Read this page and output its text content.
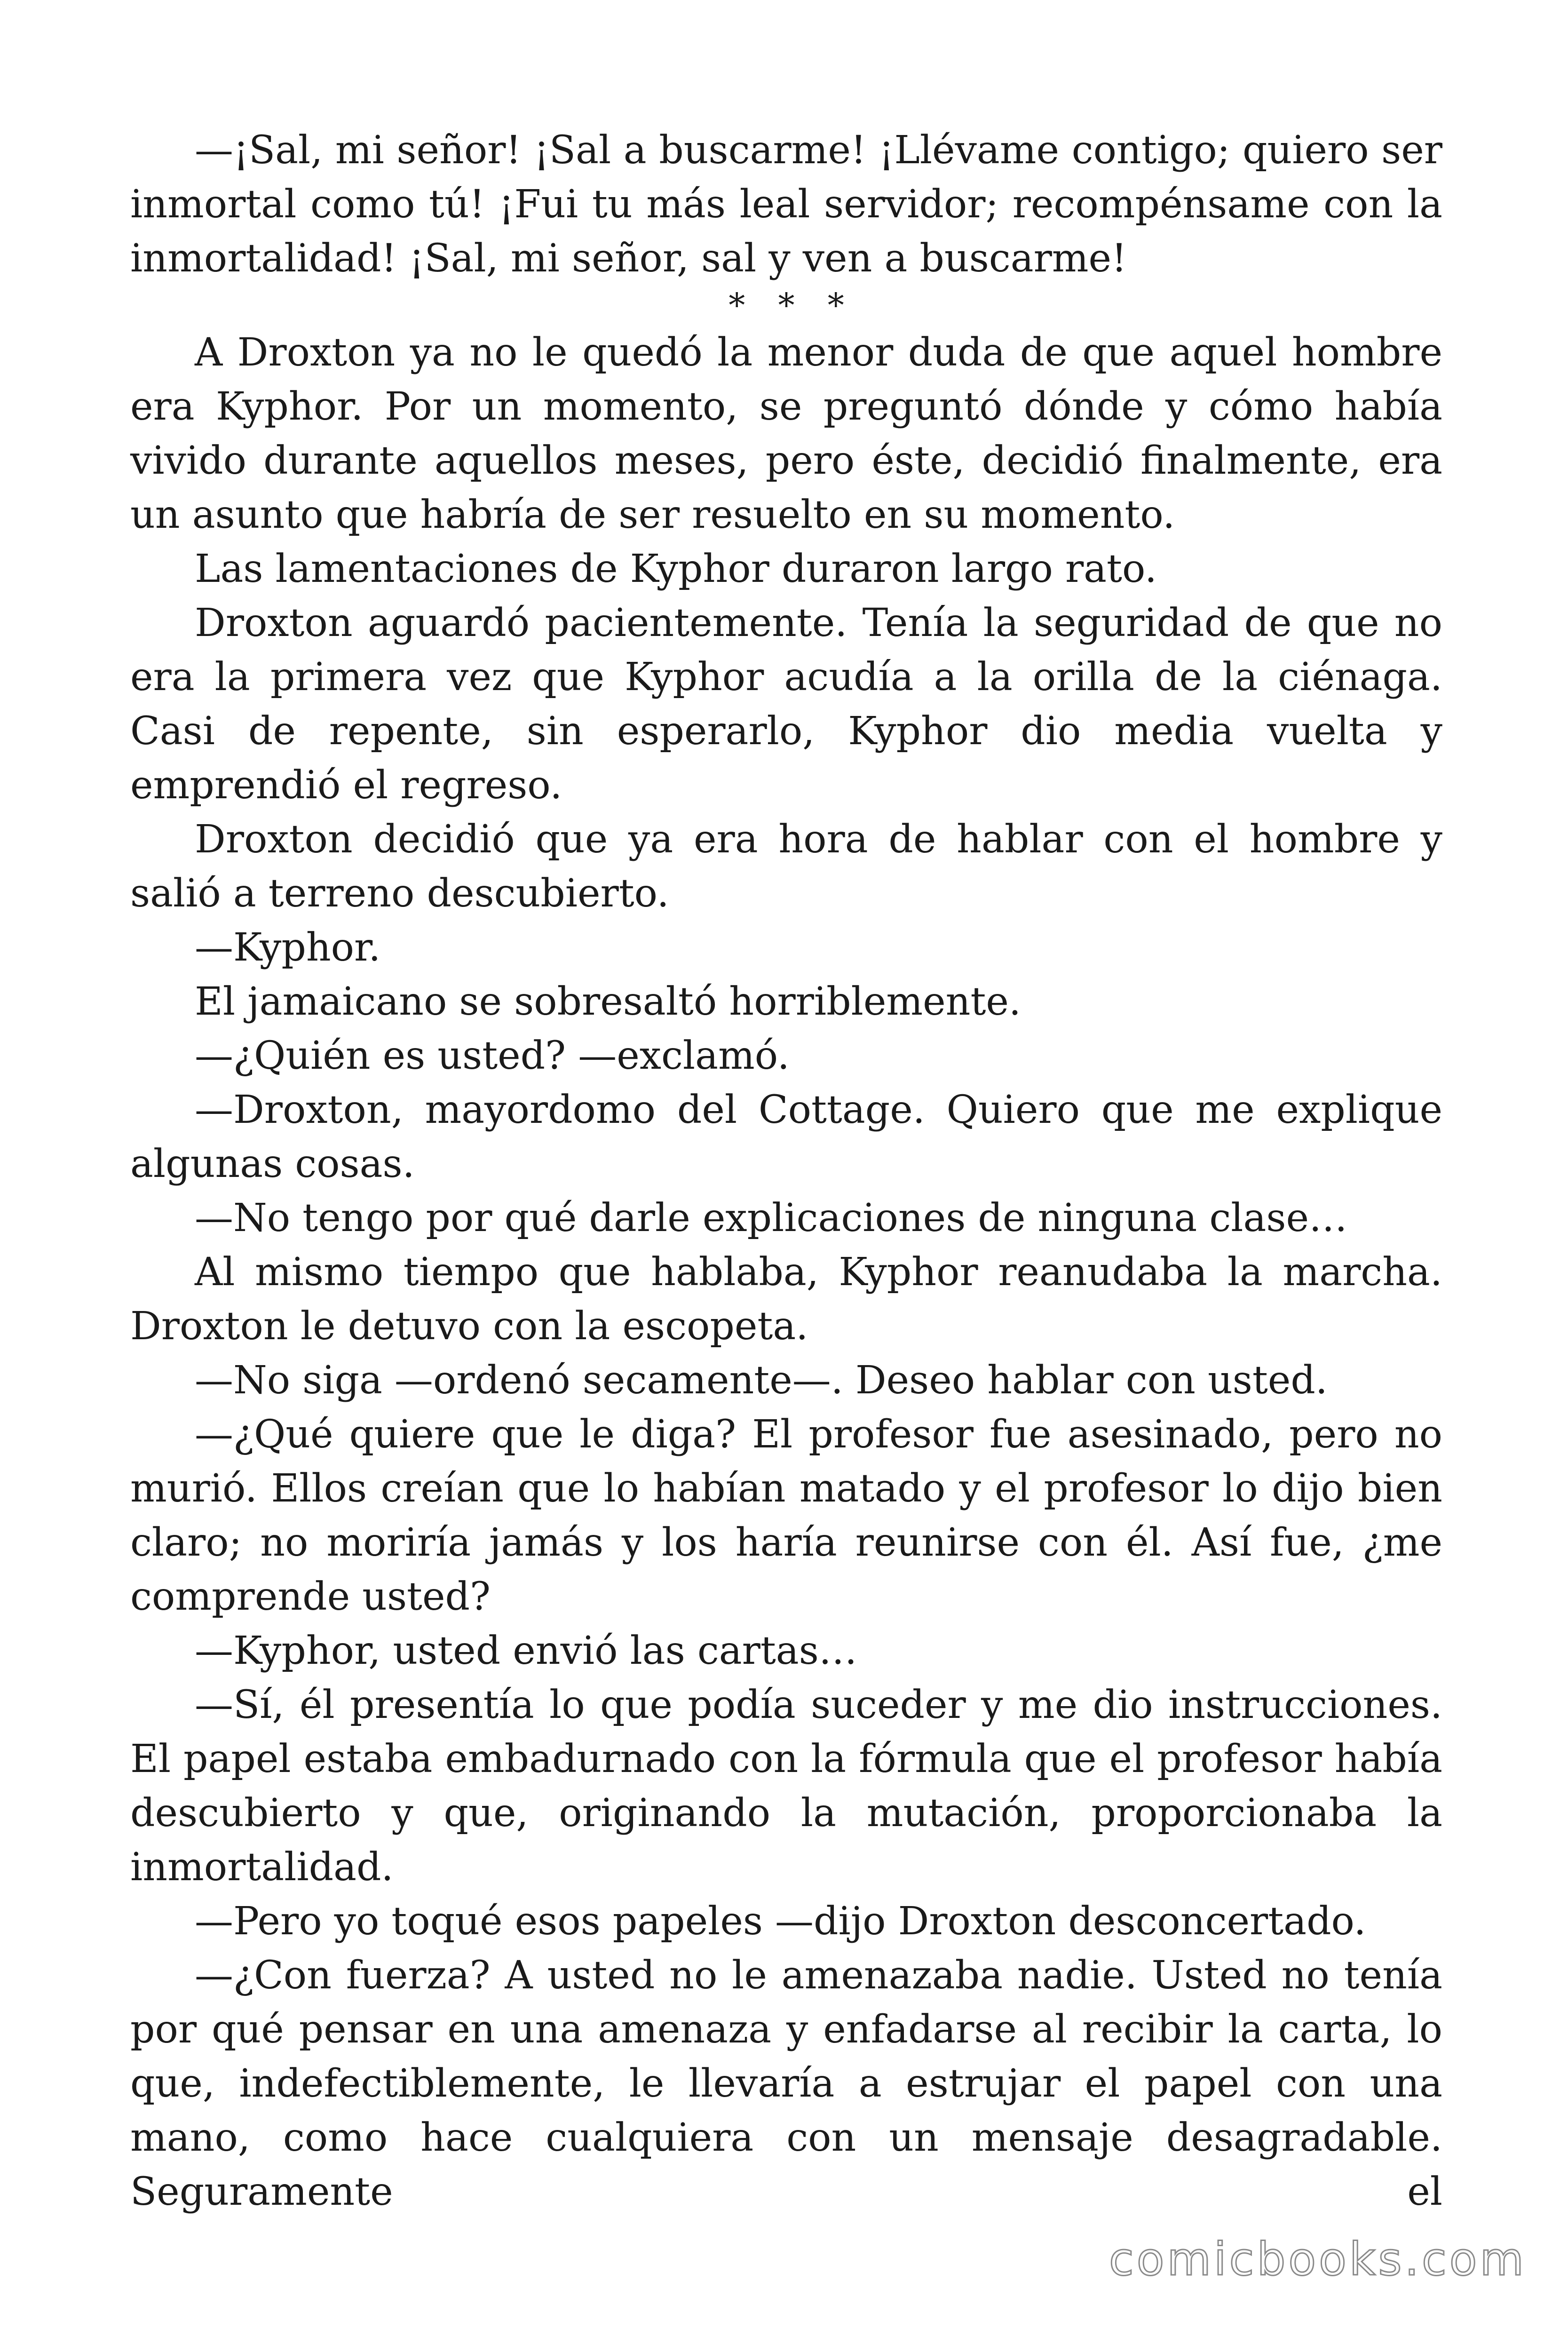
—¡Sal, mi señor! ¡Sal a buscarme! ¡Llévame contigo; quiero ser inmortal como tú! ¡Fui tu más leal servidor; recompénsame con la inmortalidad! ¡Sal, mi señor, sal y ven a buscarme!

* * *

A Droxton ya no le quedó la menor duda de que aquel hombre era Kyphor. Por un momento, se preguntó dónde y cómo había vivido durante aquellos meses, pero éste, decidió finalmente, era un asunto que habría de ser resuelto en su momento.

Las lamentaciones de Kyphor duraron largo rato.

Droxton aguardó pacientemente. Tenía la seguridad de que no era la primera vez que Kyphor acudía a la orilla de la ciénaga. Casi de repente, sin esperarlo, Kyphor dio media vuelta y emprendió el regreso.

Droxton decidió que ya era hora de hablar con el hombre y salió a terreno descubierto.

—Kyphor.

El jamaicano se sobresaltó horriblemente.

—¿Quién es usted? —exclamó.

—Droxton, mayordomo del Cottage. Quiero que me explique algunas cosas.

—No tengo por qué darle explicaciones de ninguna clase…

Al mismo tiempo que hablaba, Kyphor reanudaba la marcha. Droxton le detuvo con la escopeta.

—No siga —ordenó secamente—. Deseo hablar con usted.

—¿Qué quiere que le diga? El profesor fue asesinado, pero no murió. Ellos creían que lo habían matado y el profesor lo dijo bien claro; no moriría jamás y los haría reunirse con él. Así fue, ¿me comprende usted?

—Kyphor, usted envió las cartas…

—Sí, él presentía lo que podía suceder y me dio instrucciones. El papel estaba embadurnado con la fórmula que el profesor había descubierto y que, originando la mutación, proporcionaba la inmortalidad.

—Pero yo toqué esos papeles —dijo Droxton desconcertado.

—¿Con fuerza? A usted no le amenazaba nadie. Usted no tenía por qué pensar en una amenaza y enfadarse al recibir la carta, lo que, indefectiblemente, le llevaría a estrujar el papel con una mano, como hace cualquiera con un mensaje desagradable. Seguramente el

comicbooks.com
